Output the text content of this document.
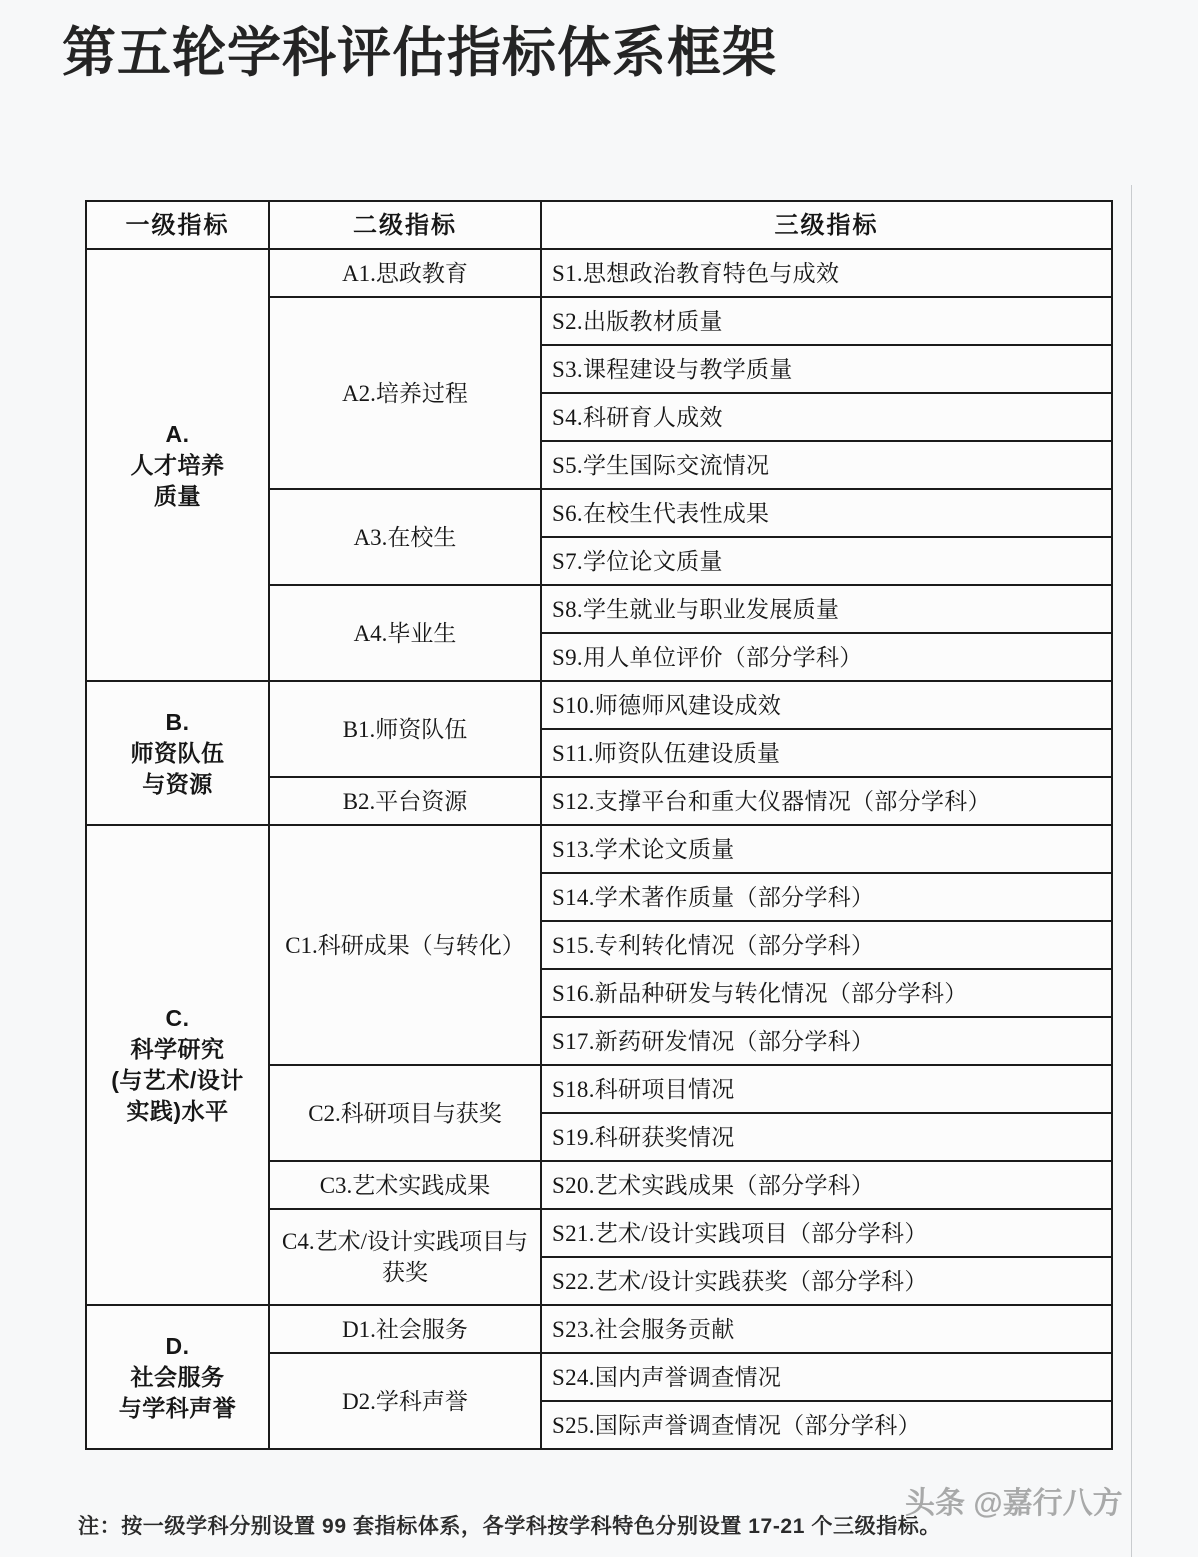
第五轮学科评估指标体系框架
一级指标	二级指标	三级指标
A.
人才培养
质量	A1.思政教育	S1.思想政治教育特色与成效
	A2.培养过程	S2.出版教材质量
		S3.课程建设与教学质量
		S4.科研育人成效
		S5.学生国际交流情况
	A3.在校生	S6.在校生代表性成果
		S7.学位论文质量
	A4.毕业生	S8.学生就业与职业发展质量
		S9.用人单位评价（部分学科）
B.
师资队伍
与资源	B1.师资队伍	S10.师德师风建设成效
		S11.师资队伍建设质量
	B2.平台资源	S12.支撑平台和重大仪器情况（部分学科）
C.
科学研究
(与艺术/设计
实践)水平	C1.科研成果（与转化）	S13.学术论文质量
		S14.学术著作质量（部分学科）
		S15.专利转化情况（部分学科）
		S16.新品种研发与转化情况（部分学科）
		S17.新药研发情况（部分学科）
	C2.科研项目与获奖	S18.科研项目情况
		S19.科研获奖情况
	C3.艺术实践成果	S20.艺术实践成果（部分学科）
	C4.艺术/设计实践项目与获奖	S21.艺术/设计实践项目（部分学科）
		S22.艺术/设计实践获奖（部分学科）
D.
社会服务
与学科声誉	D1.社会服务	S23.社会服务贡献
	D2.学科声誉	S24.国内声誉调查情况
		S25.国际声誉调查情况（部分学科）
注：按一级学科分别设置 99 套指标体系，各学科按学科特色分别设置 17-21 个三级指标。
头条 @嘉行八方
